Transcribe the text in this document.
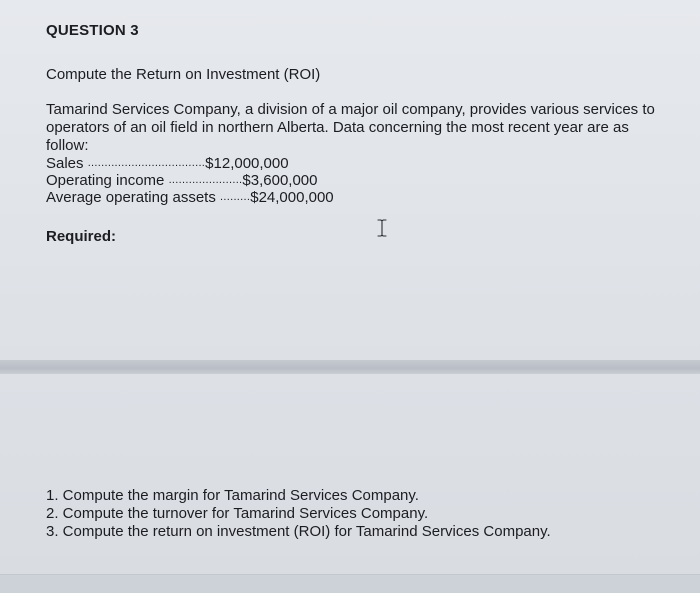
QUESTION 3
Compute the Return on Investment (ROI)
Tamarind Services Company, a division of a major oil company, provides various services to operators of an oil field in northern Alberta. Data concerning the most recent year are as follow:
Sales ...................................$12,000,000
Operating income ......................$3,600,000
Average operating assets .........$24,000,000
Required:
1. Compute the margin for Tamarind Services Company.
2. Compute the turnover for Tamarind Services Company.
3. Compute the return on investment (ROI) for Tamarind Services Company.
